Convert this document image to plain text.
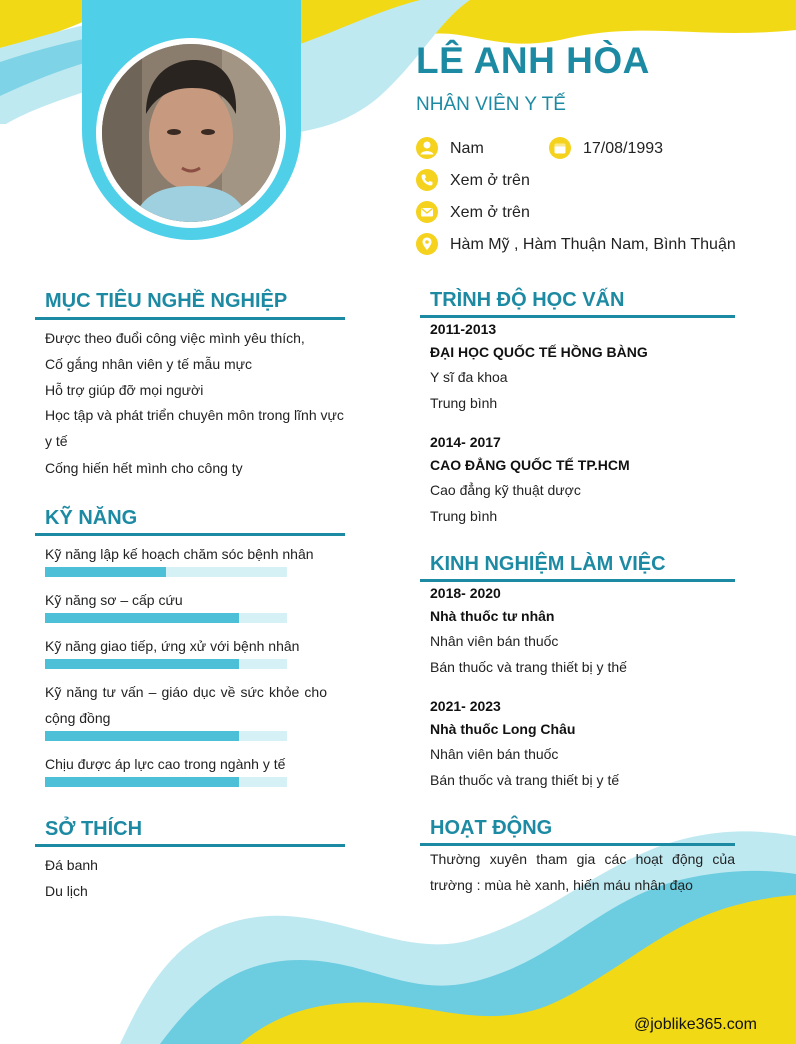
LÊ ANH HÒA
NHÂN VIÊN Y TẾ
Nam	17/08/1993
Xem ở trên
Xem ở trên
Hàm Mỹ , Hàm Thuận Nam, Bình Thuận
MỤC TIÊU NGHỀ NGHIỆP
Được theo đuổi công việc mình yêu thích,
Cố gắng nhân viên y tế mẫu mực
Hỗ trợ giúp đỡ mọi người
Học tập và phát triển chuyên môn trong lĩnh vực y tế
Cống hiến hết mình cho công ty
KỸ NĂNG
Kỹ năng lập kế hoạch chăm sóc bệnh nhân
Kỹ năng sơ – cấp cứu
Kỹ năng giao tiếp, ứng xử với bệnh nhân
Kỹ năng tư vấn – giáo dục về sức khỏe cho cộng đồng
Chịu được áp lực cao trong ngành y tế
SỞ THÍCH
Đá banh
Du lịch
TRÌNH ĐỘ HỌC VẤN
2011-2013
ĐẠI HỌC QUỐC TẾ HỒNG BÀNG
Y sĩ đa khoa
Trung bình
2014- 2017
CAO ĐẲNG QUỐC TẾ TP.HCM
Cao đẳng kỹ thuật dược
Trung bình
KINH NGHIỆM LÀM VIỆC
2018- 2020
Nhà thuốc tư nhân
Nhân viên bán thuốc
Bán thuốc và trang thiết bị y thế
2021- 2023
Nhà thuốc Long Châu
Nhân viên bán thuốc
Bán thuốc và trang thiết bị y tế
HOẠT ĐỘNG
Thường xuyên tham gia các hoạt động của trường : mùa hè xanh, hiến máu nhân đạo
@joblike365.com
